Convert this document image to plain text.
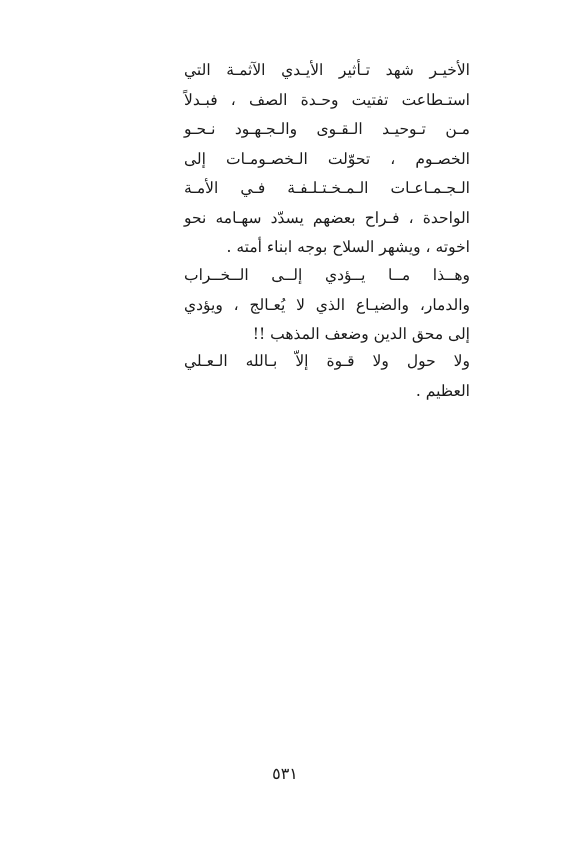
الأخيـر شهد تـأثير الأيـدي الآثمـة التي
استـطاعت تفتيت وحـدة الصف ، فبـدلاً
مـن تـوحيـد الـقـوى والـجـهـود نـحـو
الخصـوم ، تحوّلت الـخصـومـات إلى
الـجـمـاعـات الـمـخـتـلـفـة فـي الأمـة
الواحدة ، فـراح بعضهم يسدّد سهـامه نحو
اخوته ، ويشهر السلاح بوجه ابناء أمته .
وهــذا مــا يــؤدي إلــى الــخــراب
والدمار، والضيـاع الذي لا يُعـالج ، ويؤدي
إلى محق الدين وضعف المذهب !!
ولا حول ولا قـوة إلاّ بـالله الـعـلي
العظيم .
٥٣١
